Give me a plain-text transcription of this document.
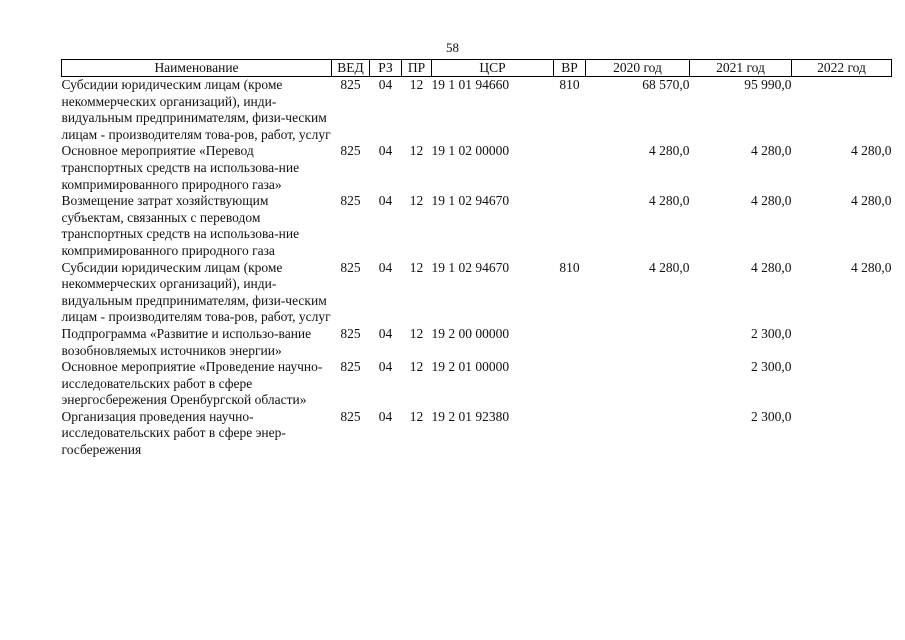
58
Наименование	ВЕД	РЗ	ПР	ЦСР	ВР	2020 год	2021 год	2022 год
Субсидии юридическим лицам (кроме некоммерческих организаций), инди-видуальным предпринимателям, физи-ческим лицам - производителям това-ров, работ, услуг	825	04	12	19 1 01 94660	810	68 570,0	95 990,0	
Основное мероприятие «Перевод транспортных средств на использова-ние компримированного природного газа»	825	04	12	19 1 02 00000		4 280,0	4 280,0	4 280,0
Возмещение затрат хозяйствующим субъектам, связанных с переводом транспортных средств на использова-ние компримированного природного газа	825	04	12	19 1 02 94670		4 280,0	4 280,0	4 280,0
Субсидии юридическим лицам (кроме некоммерческих организаций), инди-видуальным предпринимателям, физи-ческим лицам - производителям това-ров, работ, услуг	825	04	12	19 1 02 94670	810	4 280,0	4 280,0	4 280,0
Подпрограмма «Развитие и использо-вание возобновляемых источников энергии»	825	04	12	19 2 00 00000			2 300,0	
Основное мероприятие «Проведение научно-исследовательских работ в сфере энергосбережения Оренбургской области»	825	04	12	19 2 01 00000			2 300,0	
Организация проведения научно-исследовательских работ в сфере энер-госбережения	825	04	12	19 2 01 92380			2 300,0	
